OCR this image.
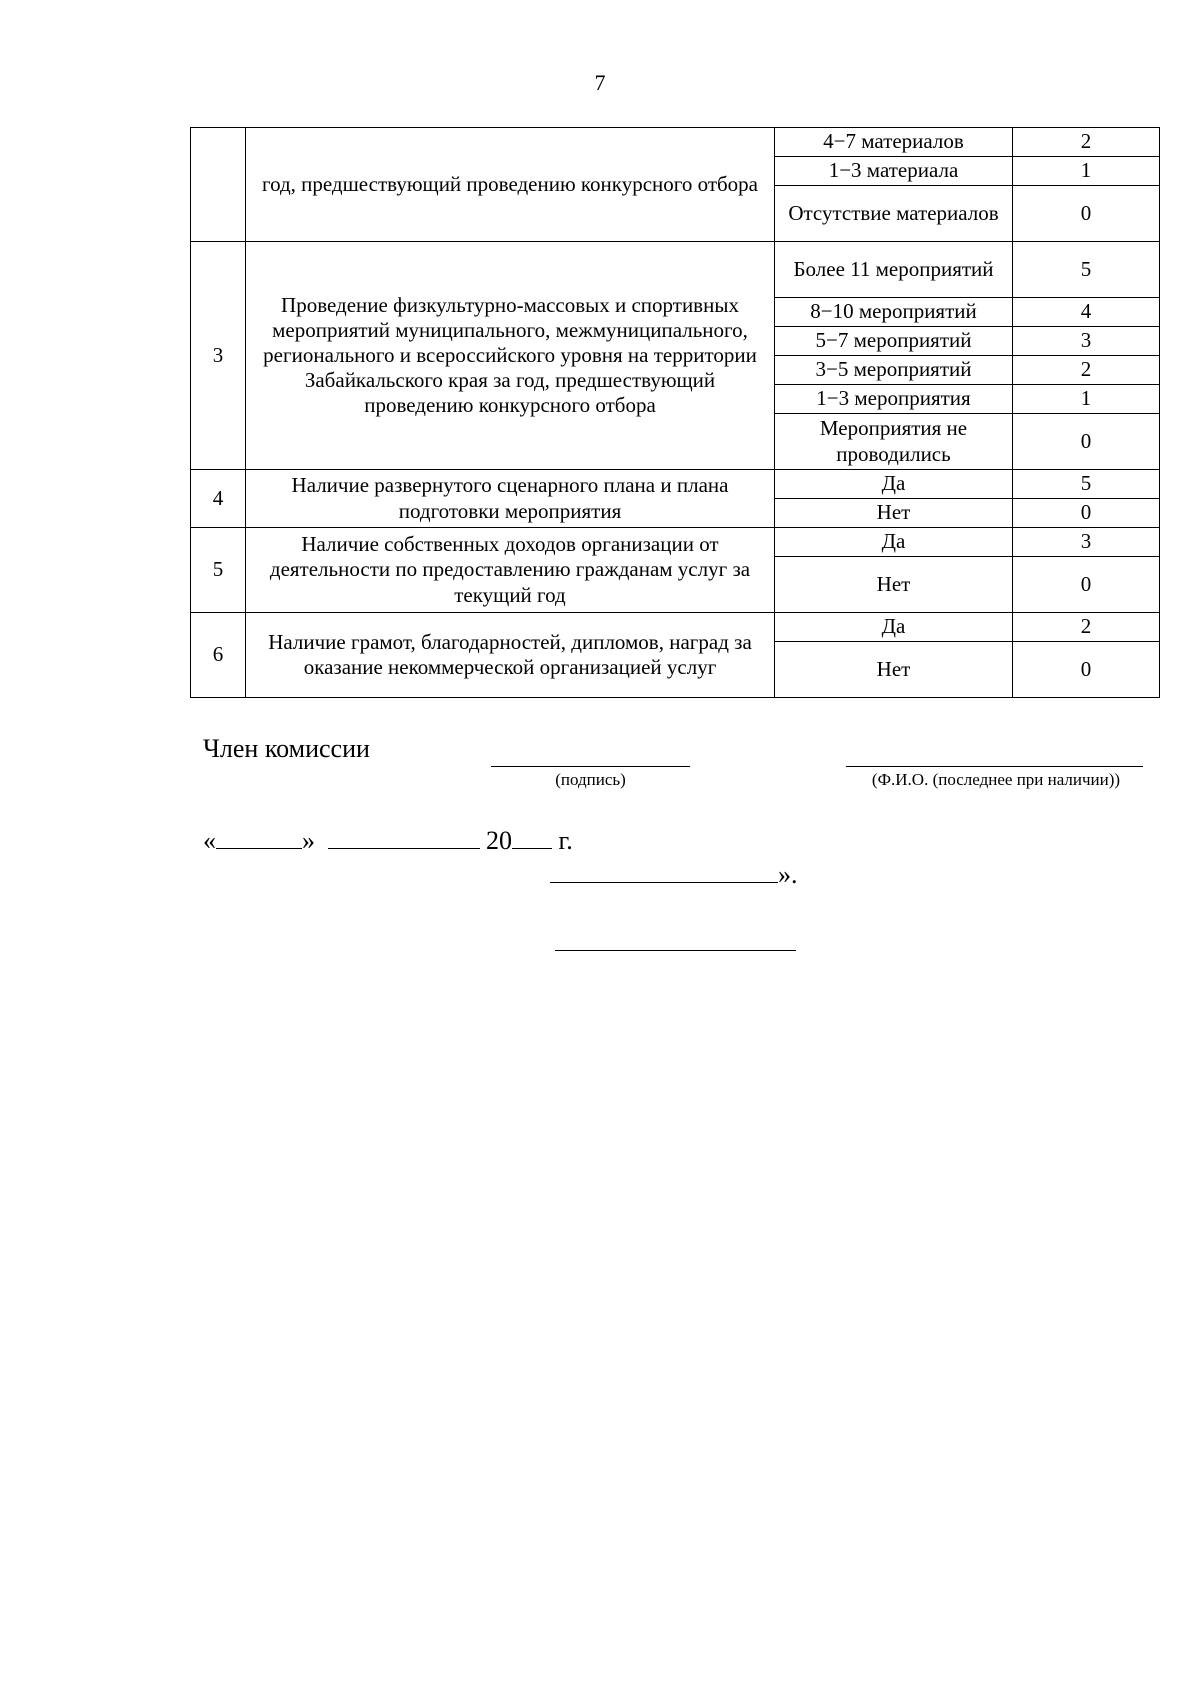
7
	год, предшествующий проведению конкурсного отбора	4−7 материалов	2
		1−3 материала	1
		Отсутствие материалов	0
3	Проведение физкультурно-массовых и спортивных мероприятий муниципального, межмуниципального, регионального и всероссийского уровня на территории Забайкальского края за год, предшествующий проведению конкурсного отбора	Более 11 мероприятий	5
		8−10 мероприятий	4
		5−7 мероприятий	3
		3−5 мероприятий	2
		1−3 мероприятия	1
		Мероприятия не проводились	0
4	Наличие развернутого сценарного плана и плана подготовки мероприятия	Да	5
		Нет	0
5	Наличие собственных доходов организации от деятельности по предоставлению гражданам услуг за текущий год	Да	3
		Нет	0
6	Наличие грамот, благодарностей, дипломов, наград за оказание некоммерческой организацией услуг	Да	2
		Нет	0
Член комиссии
(подпись)	(Ф.И.О. (последнее при наличии))
«	»	20 г.
».
